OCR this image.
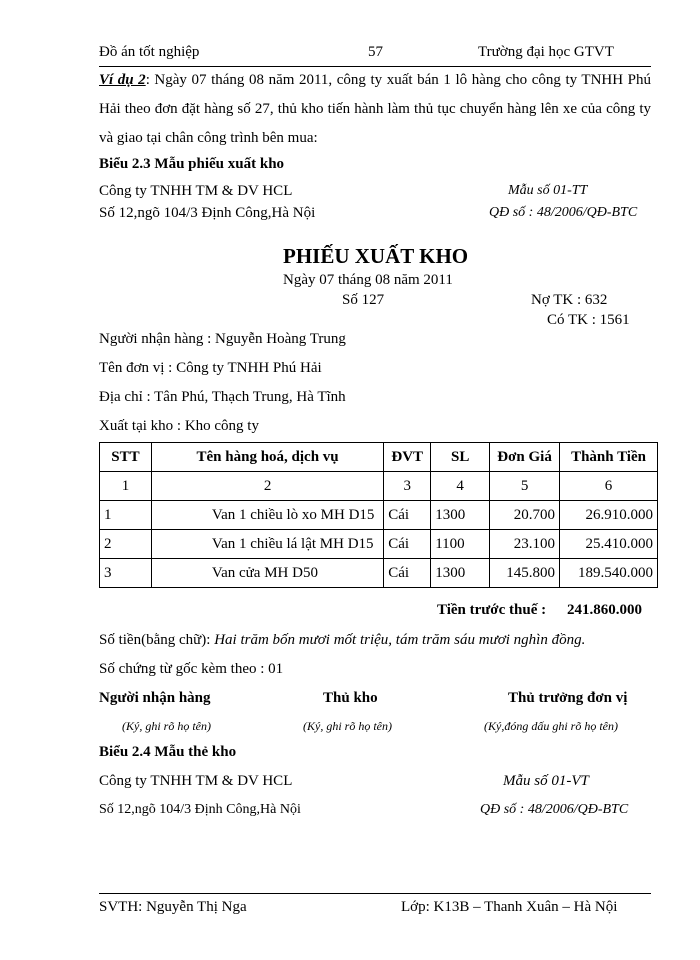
Đồ án tốt nghiệp	57	Trường đại học GTVT
Ví dụ 2: Ngày 07 tháng 08 năm 2011, công ty xuất bán 1 lô hàng cho công ty TNHH Phú Hải theo đơn đặt hàng số 27, thủ kho tiến hành làm thủ tục chuyển hàng lên xe của công ty và giao tại chân công trình bên mua:
Biểu 2.3 Mẫu phiếu xuất kho
Công ty TNHH TM & DV HCL	Mẫu số 01-TT
Số 12,ngõ 104/3 Định Công,Hà Nội	QĐ số : 48/2006/QĐ-BTC
PHIẾU XUẤT KHO
Ngày 07 tháng 08 năm 2011
Số 127	Nợ TK : 632
Có TK : 1561
Người nhận hàng : Nguyễn Hoàng Trung
Tên đơn vị : Công ty TNHH Phú Hải
Địa chỉ : Tân Phú, Thạch Trung, Hà Tĩnh
Xuất tại kho : Kho công ty
STT	Tên hàng hoá, dịch vụ	ĐVT	SL	Đơn Giá	Thành Tiền
1	2	3	4	5	6
1	Van 1 chiều lò xo MH D15	Cái	1300	20.700	26.910.000
2	Van 1 chiều lá lật MH D15	Cái	1100	23.100	25.410.000
3	Van cửa MH D50	Cái	1300	145.800	189.540.000
Tiền trước thuế : 241.860.000
Số tiền(bằng chữ): Hai trăm bốn mươi mốt triệu, tám trăm sáu mươi nghìn đồng.
Số chứng từ gốc kèm theo : 01
Người nhận hàng	Thủ kho	Thủ trưởng đơn vị
(Ký, ghi rõ họ tên)	(Ký, ghi rõ họ tên)	(Ký,đóng dấu ghi rõ họ tên)
Biểu 2.4 Mẫu thẻ kho
Công ty TNHH TM & DV HCL	Mẫu số 01-VT
Số 12,ngõ 104/3 Định Công,Hà Nội	QĐ số : 48/2006/QĐ-BTC
SVTH: Nguyễn Thị Nga	Lớp: K13B – Thanh Xuân – Hà Nội
